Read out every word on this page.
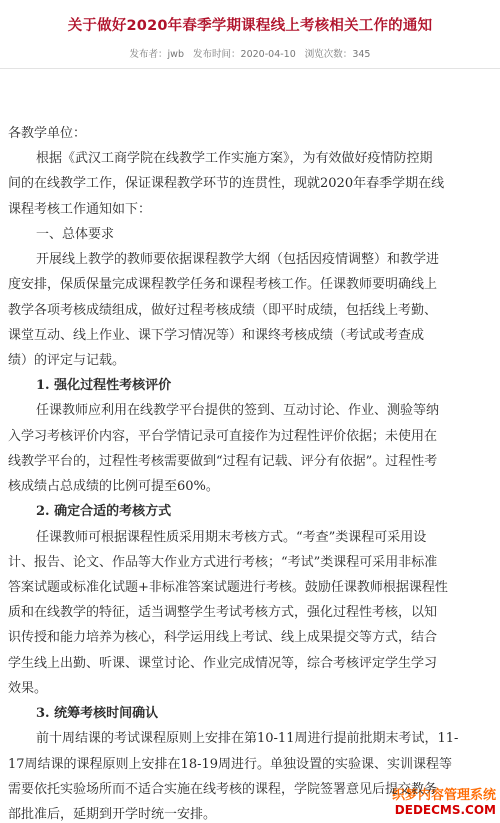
关于做好2020年春季学期课程线上考核相关工作的通知
发布者：jwb 发布时间：2020-04-10 浏览次数：345
各教学单位：
根据《武汉工商学院在线教学工作实施方案》，为有效做好疫情防控期
间的在线教学工作，保证课程教学环节的连贯性，现就2020年春季学期在线
课程考核工作通知如下：
一、总体要求
开展线上教学的教师要依据课程教学大纲（包括因疫情调整）和教学进
度安排，保质保量完成课程教学任务和课程考核工作。任课教师要明确线上
教学各项考核成绩组成，做好过程考核成绩（即平时成绩，包括线上考勤、
课堂互动、线上作业、课下学习情况等）和课终考核成绩（考试或考查成
绩）的评定与记载。
1. 强化过程性考核评价
任课教师应利用在线教学平台提供的签到、互动讨论、作业、测验等纳
入学习考核评价内容，平台学情记录可直接作为过程性评价依据；未使用在
线教学平台的，过程性考核需要做到“过程有记载、评分有依据”。过程性考
核成绩占总成绩的比例可提至60%。
2. 确定合适的考核方式
任课教师可根据课程性质采用期末考核方式。“考查”类课程可采用设
计、报告、论文、作品等大作业方式进行考核；“考试”类课程可采用非标准
答案试题或标准化试题+非标准答案试题进行考核。鼓励任课教师根据课程性
质和在线教学的特征，适当调整学生考试考核方式，强化过程性考核，以知
识传授和能力培养为核心，科学运用线上考试、线上成果提交等方式，结合
学生线上出勤、听课、课堂讨论、作业完成情况等，综合考核评定学生学习
效果。
织梦内容管理系统
DEDECMS.COM
3. 统筹考核时间确认
前十周结课的考试课程原则上安排在第10-11周进行提前批期末考试，11-
17周结课的课程原则上安排在18-19周进行。单独设置的实验课、实训课程等
需要依托实验场所而不适合实施在线考核的课程，学院签署意见后提交教务
部批准后，延期到开学时统一安排。
